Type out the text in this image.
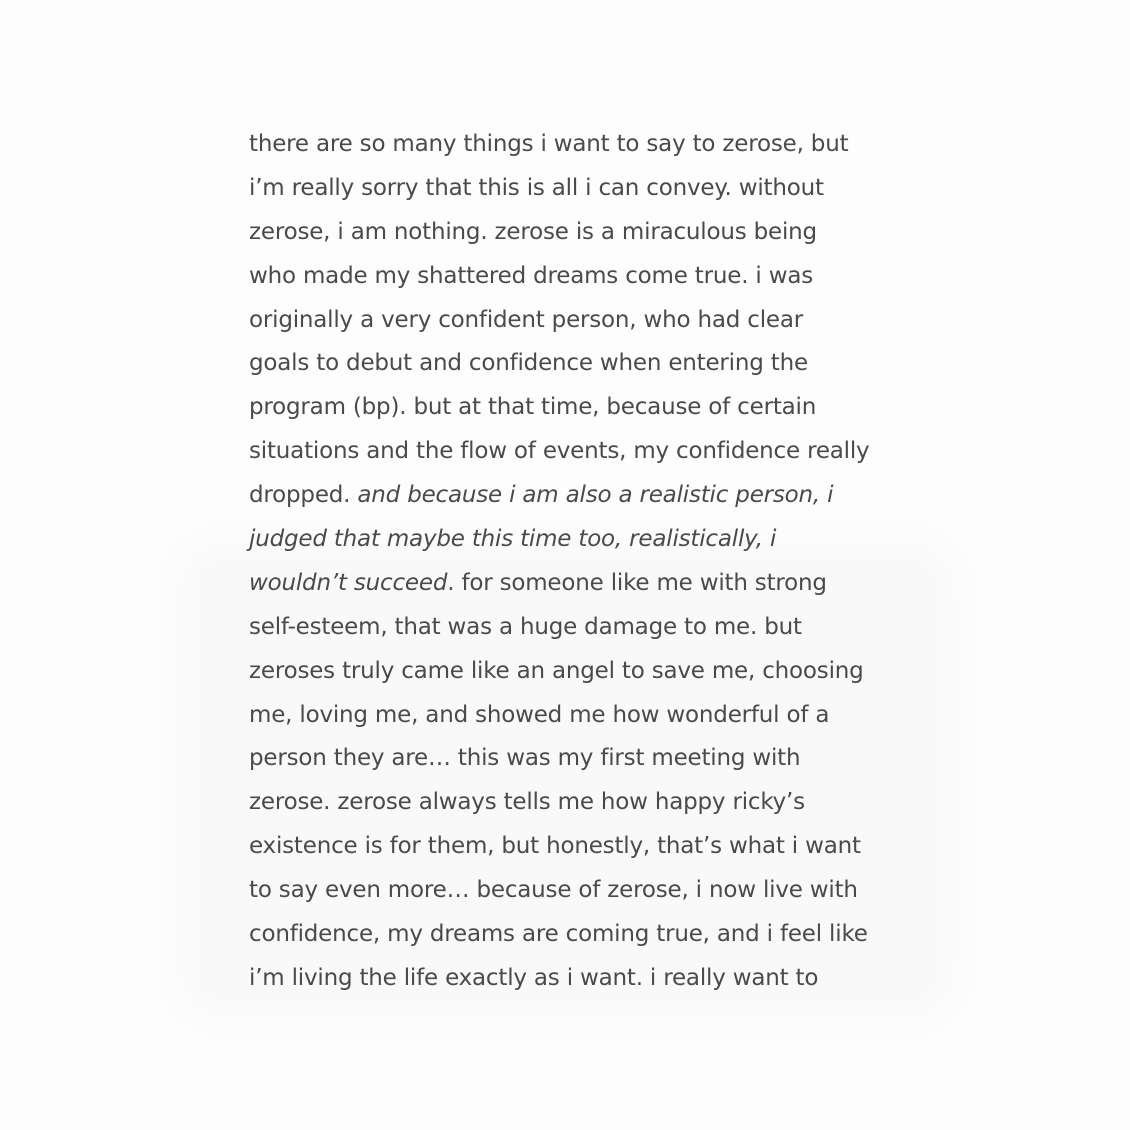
there are so many things i want to say to zerose, but
i’m really sorry that this is all i can convey. without
zerose, i am nothing. zerose is a miraculous being
who made my shattered dreams come true. i was
originally a very confident person, who had clear
goals to debut and confidence when entering the
program (bp). but at that time, because of certain
situations and the flow of events, my confidence really
dropped. and because i am also a realistic person, i
judged that maybe this time too, realistically, i
wouldn’t succeed. for someone like me with strong
self-esteem, that was a huge damage to me. but
zeroses truly came like an angel to save me, choosing
me, loving me, and showed me how wonderful of a
person they are… this was my first meeting with
zerose. zerose always tells me how happy ricky’s
existence is for them, but honestly, that’s what i want
to say even more… because of zerose, i now live with
confidence, my dreams are coming true, and i feel like
i’m living the life exactly as i want. i really want to
